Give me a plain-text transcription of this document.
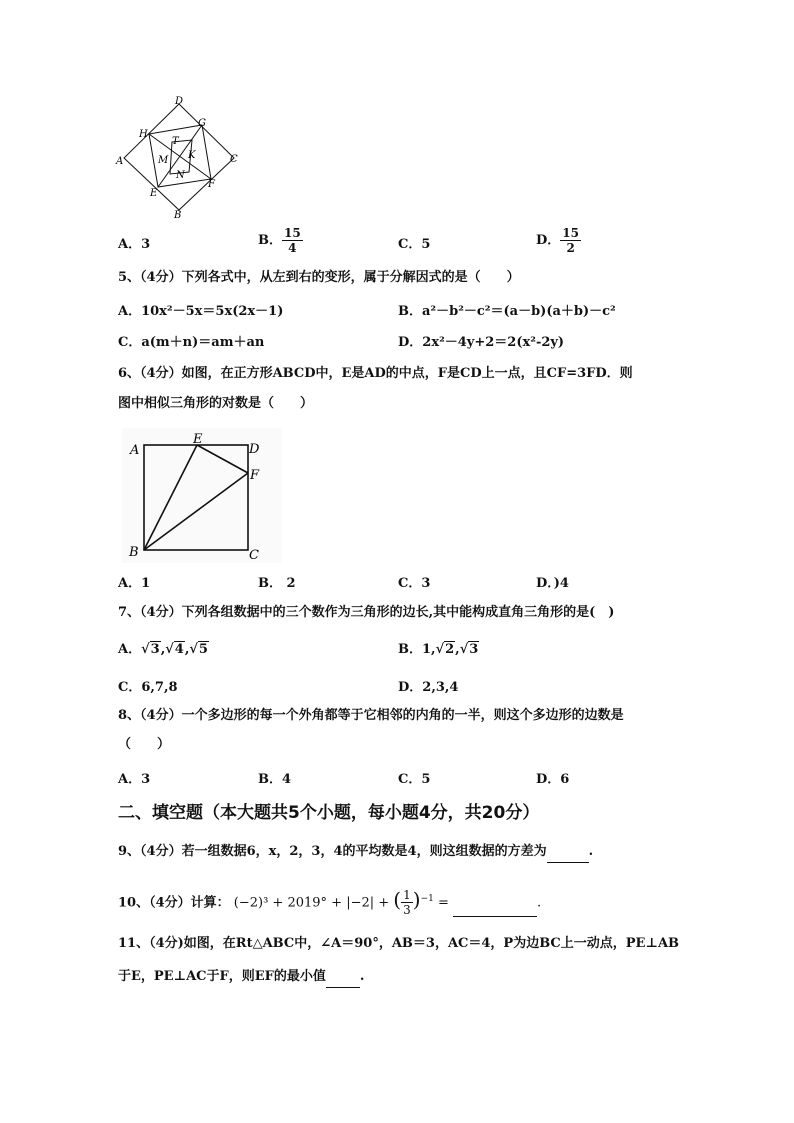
D
H
G
T
A	M K	C
N
E
F
B
A．3	B． $\frac{15}{4}$	C．5	D． $\frac{15}{2}$
5、（4分）下列各式中，从左到右的变形，属于分解因式的是（　　）
A．10x²－5x＝5x(2x－1)	B．a²－b²－c²＝(a－b)(a＋b)－c²
C．a(m＋n)＝am＋an	D．2x²－4y+2＝2(x²-2y)
6、（4分）如图，在正方形ABCD中，E是AD的中点，F是CD上一点，且CF=3FD．则
图中相似三角形的对数是（　　）
A
E
D
F
B	C
A．1	B． 2	C．3	D．)4
7、（4分）下列各组数据中的三个数作为三角形的边长,其中能构成直角三角形的是(　)
A．√3,√4,√5	B．1,√2,√3
C．6,7,8	D．2,3,4
8、（4分）一个多边形的每一个外角都等于它相邻的内角的一半，则这个多边形的边数是
（　　）
A．3	B．4	C．5	D．6
二、填空题（本大题共5个小题，每小题4分，共20分）
9、（4分）若一组数据6，x，2，3，4的平均数是4，则这组数据的方差为	.
10、（4分）计算： (−2)³ + 2019° + |−2| + ( $\frac{1}{3} )^{-1}$ =	.
11、（4分)如图，在Rt△ABC中，∠A＝90°，AB＝3，AC＝4，P为边BC上一动点，PE⊥AB
于E，PE⊥AC于F，则EF的最小值	.
